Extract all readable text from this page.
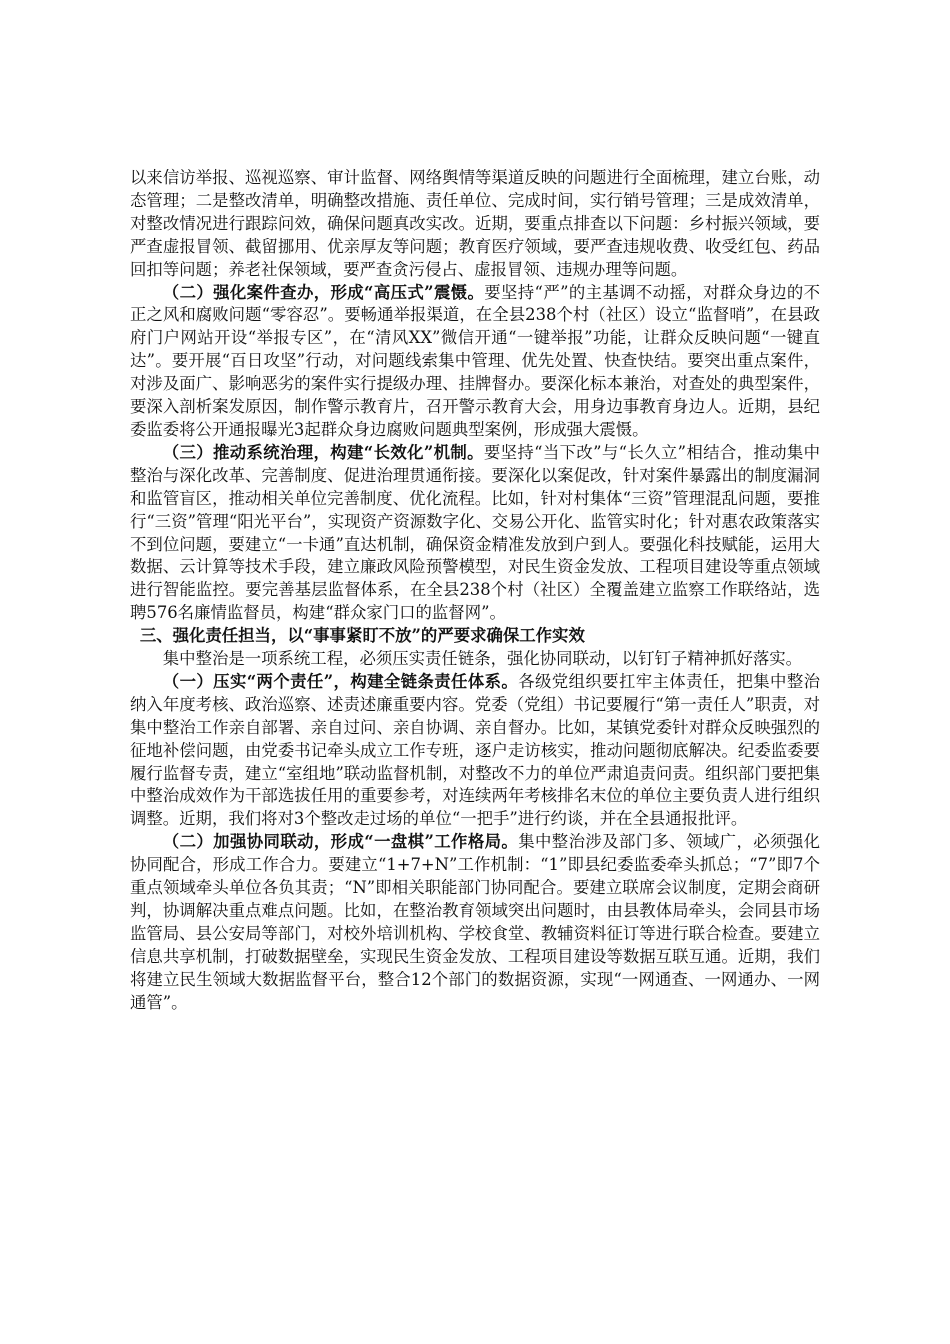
以来信访举报、巡视巡察、审计监督、网络舆情等渠道反映的问题进行全面梳理，建立台账，动态管理；二是整改清单，明确整改措施、责任单位、完成时间，实行销号管理；三是成效清单，对整改情况进行跟踪问效，确保问题真改实改。近期，要重点排查以下问题：乡村振兴领域，要严查虚报冒领、截留挪用、优亲厚友等问题；教育医疗领域，要严查违规收费、收受红包、药品回扣等问题；养老社保领域，要严查贪污侵占、虚报冒领、违规办理等问题。

（二）强化案件查办，形成“高压式”震慑。要坚持“严”的主基调不动摇，对群众身边的不正之风和腐败问题“零容忍”。要畅通举报渠道，在全县238个村（社区）设立“监督哨”，在县政府门户网站开设“举报专区”，在“清风XX”微信开通“一键举报”功能，让群众反映问题“一键直达”。要开展“百日攻坚”行动，对问题线索集中管理、优先处置、快查快结。要突出重点案件，对涉及面广、影响恶劣的案件实行提级办理、挂牌督办。要深化标本兼治，对查处的典型案件，要深入剖析案发原因，制作警示教育片，召开警示教育大会，用身边事教育身边人。近期，县纪委监委将公开通报曝光3起群众身边腐败问题典型案例，形成强大震慑。

（三）推动系统治理，构建“长效化”机制。要坚持“当下改”与“长久立”相结合，推动集中整治与深化改革、完善制度、促进治理贯通衔接。要深化以案促改，针对案件暴露出的制度漏洞和监管盲区，推动相关单位完善制度、优化流程。比如，针对村集体“三资”管理混乱问题，要推行“三资”管理“阳光平台”，实现资产资源数字化、交易公开化、监管实时化；针对惠农政策落实不到位问题，要建立“一卡通”直达机制，确保资金精准发放到户到人。要强化科技赋能，运用大数据、云计算等技术手段，建立廉政风险预警模型，对民生资金发放、工程项目建设等重点领域进行智能监控。要完善基层监督体系，在全县238个村（社区）全覆盖建立监察工作联络站，选聘576名廉情监督员，构建“群众家门口的监督网”。

三、强化责任担当，以“事事紧盯不放”的严要求确保工作实效

集中整治是一项系统工程，必须压实责任链条，强化协同联动，以钉钉子精神抓好落实。

（一）压实“两个责任”，构建全链条责任体系。各级党组织要扛牢主体责任，把集中整治纳入年度考核、政治巡察、述责述廉重要内容。党委（党组）书记要履行“第一责任人”职责，对集中整治工作亲自部署、亲自过问、亲自协调、亲自督办。比如，某镇党委针对群众反映强烈的征地补偿问题，由党委书记牵头成立工作专班，逐户走访核实，推动问题彻底解决。纪委监委要履行监督专责，建立“室组地”联动监督机制，对整改不力的单位严肃追责问责。组织部门要把集中整治成效作为干部选拔任用的重要参考，对连续两年考核排名末位的单位主要负责人进行组织调整。近期，我们将对3个整改走过场的单位“一把手”进行约谈，并在全县通报批评。

（二）加强协同联动，形成“一盘棋”工作格局。集中整治涉及部门多、领域广，必须强化协同配合，形成工作合力。要建立“1+7+N”工作机制：“1”即县纪委监委牵头抓总；“7”即7个重点领域牵头单位各负其责；“N”即相关职能部门协同配合。要建立联席会议制度，定期会商研判，协调解决重点难点问题。比如，在整治教育领域突出问题时，由县教体局牵头，会同县市场监管局、县公安局等部门，对校外培训机构、学校食堂、教辅资料征订等进行联合检查。要建立信息共享机制，打破数据壁垒，实现民生资金发放、工程项目建设等数据互联互通。近期，我们将建立民生领域大数据监督平台，整合12个部门的数据资源，实现“一网通查、一网通办、一网通管”。
